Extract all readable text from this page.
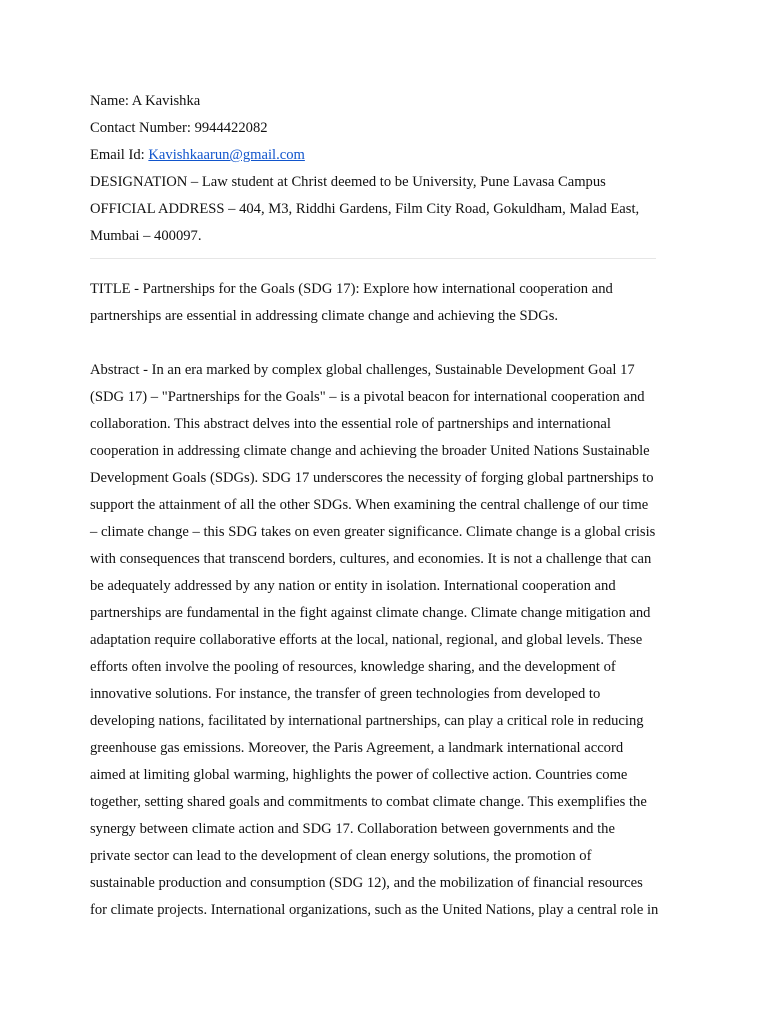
Name: A Kavishka
Contact Number: 9944422082
Email Id: Kavishkaarun@gmail.com
DESIGNATION – Law student at Christ deemed to be University, Pune Lavasa Campus
OFFICIAL ADDRESS – 404, M3, Riddhi Gardens, Film City Road, Gokuldham, Malad East,
Mumbai – 400097.
TITLE - Partnerships for the Goals (SDG 17): Explore how international cooperation and
partnerships are essential in addressing climate change and achieving the SDGs.
Abstract - In an era marked by complex global challenges, Sustainable Development Goal 17
(SDG 17) – "Partnerships for the Goals" – is a pivotal beacon for international cooperation and
collaboration. This abstract delves into the essential role of partnerships and international
cooperation in addressing climate change and achieving the broader United Nations Sustainable
Development Goals (SDGs). SDG 17 underscores the necessity of forging global partnerships to
support the attainment of all the other SDGs. When examining the central challenge of our time
– climate change – this SDG takes on even greater significance. Climate change is a global crisis
with consequences that transcend borders, cultures, and economies. It is not a challenge that can
be adequately addressed by any nation or entity in isolation. International cooperation and
partnerships are fundamental in the fight against climate change. Climate change mitigation and
adaptation require collaborative efforts at the local, national, regional, and global levels. These
efforts often involve the pooling of resources, knowledge sharing, and the development of
innovative solutions. For instance, the transfer of green technologies from developed to
developing nations, facilitated by international partnerships, can play a critical role in reducing
greenhouse gas emissions. Moreover, the Paris Agreement, a landmark international accord
aimed at limiting global warming, highlights the power of collective action. Countries come
together, setting shared goals and commitments to combat climate change. This exemplifies the
synergy between climate action and SDG 17. Collaboration between governments and the
private sector can lead to the development of clean energy solutions, the promotion of
sustainable production and consumption (SDG 12), and the mobilization of financial resources
for climate projects. International organizations, such as the United Nations, play a central role in
